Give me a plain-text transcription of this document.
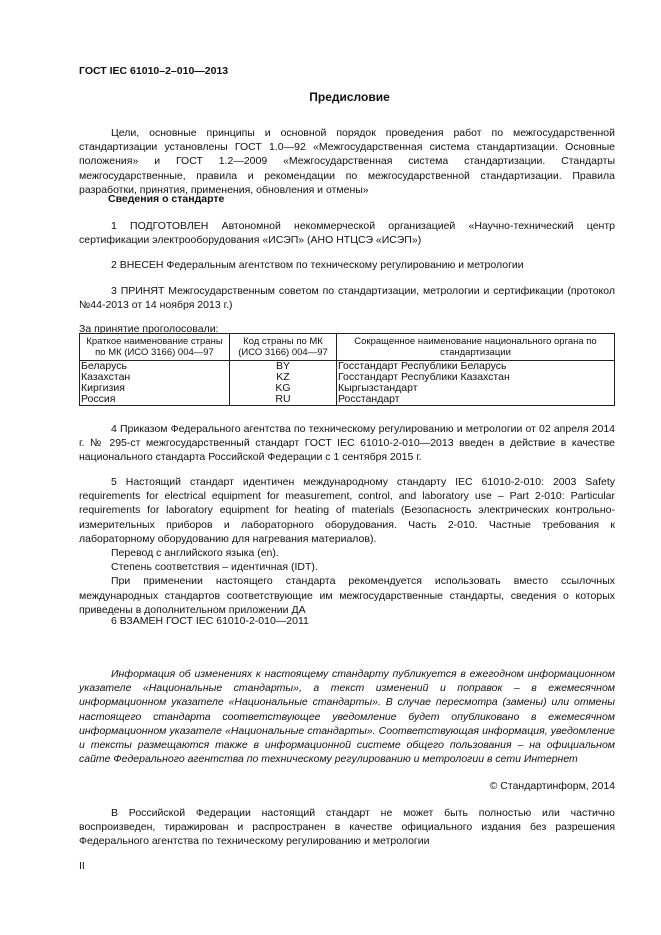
ГОСТ IEC 61010–2–010—2013
Предисловие

Цели, основные принципы и основной порядок проведения работ по межгосударственной стандартизации установлены ГОСТ 1.0—92 «Межгосударственная система стандартизации. Основные положения» и ГОСТ 1.2—2009 «Межгосударственная система стандартизации. Стандарты межгосударственные, правила и рекомендации по межгосударственной стандартизации. Правила разработки, принятия, применения, обновления и отмены»

Сведения о стандарте

1 ПОДГОТОВЛЕН Автономной некоммерческой организацией «Научно-технический центр сертификации электрооборудования «ИСЭП» (АНО НТЦСЭ «ИСЭП»)

2 ВНЕСЕН Федеральным агентством по техническому регулированию и метрологии

3 ПРИНЯТ Межгосударственным советом по стандартизации, метрологии и сертификации (протокол №44-2013 от 14 ноября 2013 г.)

За принятие проголосовали:
Краткое наименование страны по МК (ИСО 3166) 004—97	Код страны по МК (ИСО 3166) 004—97	Сокращенное наименование национального органа по стандартизации
Беларусь	BY	Госстандарт Республики Беларусь
Казахстан	KZ	Госстандарт Республики Казахстан
Киргизия	KG	Кыргызстандарт
Россия	RU	Росстандарт

4 Приказом Федерального агентства по техническому регулированию и метрологии от 02 апреля 2014 г. № 295-ст межгосударственный стандарт ГОСТ IEC 61010-2-010—2013 введен в действие в качестве национального стандарта Российской Федерации с 1 сентября 2015 г.

5 Настоящий стандарт идентичен международному стандарту IEC 61010-2-010: 2003 Safety requirements for electrical equipment for measurement, control, and laboratory use – Part 2-010: Particular requirements for laboratory equipment for heating of materials (Безопасность электрических контрольно-измерительных приборов и лабораторного оборудования. Часть 2-010. Частные требования к лабораторному оборудованию для нагревания материалов).

Перевод с английского языка (en).

Степень соответствия – идентичная (IDT).

При применении настоящего стандарта рекомендуется использовать вместо ссылочных международных стандартов соответствующие им межгосударственные стандарты, сведения о которых приведены в дополнительном приложении ДА

6 ВЗАМЕН ГОСТ IEC 61010-2-010—2011

Информация об изменениях к настоящему стандарту публикуется в ежегодном информационном указателе «Национальные стандарты», а текст изменений и поправок – в ежемесячном информационном указателе «Национальные стандарты». В случае пересмотра (замены) или отмены настоящего стандарта соответствующее уведомление будет опубликовано в ежемесячном информационном указателе «Национальные стандарты». Соответствующая информация, уведомление и тексты размещаются также в информационной системе общего пользования – на официальном сайте Федерального агентства по техническому регулированию и метрологии в сети Интернет

© Стандартинформ, 2014

В Российской Федерации настоящий стандарт не может быть полностью или частично воспроизведен, тиражирован и распространен в качестве официального издания без разрешения Федерального агентства по техническому регулированию и метрологии

II
